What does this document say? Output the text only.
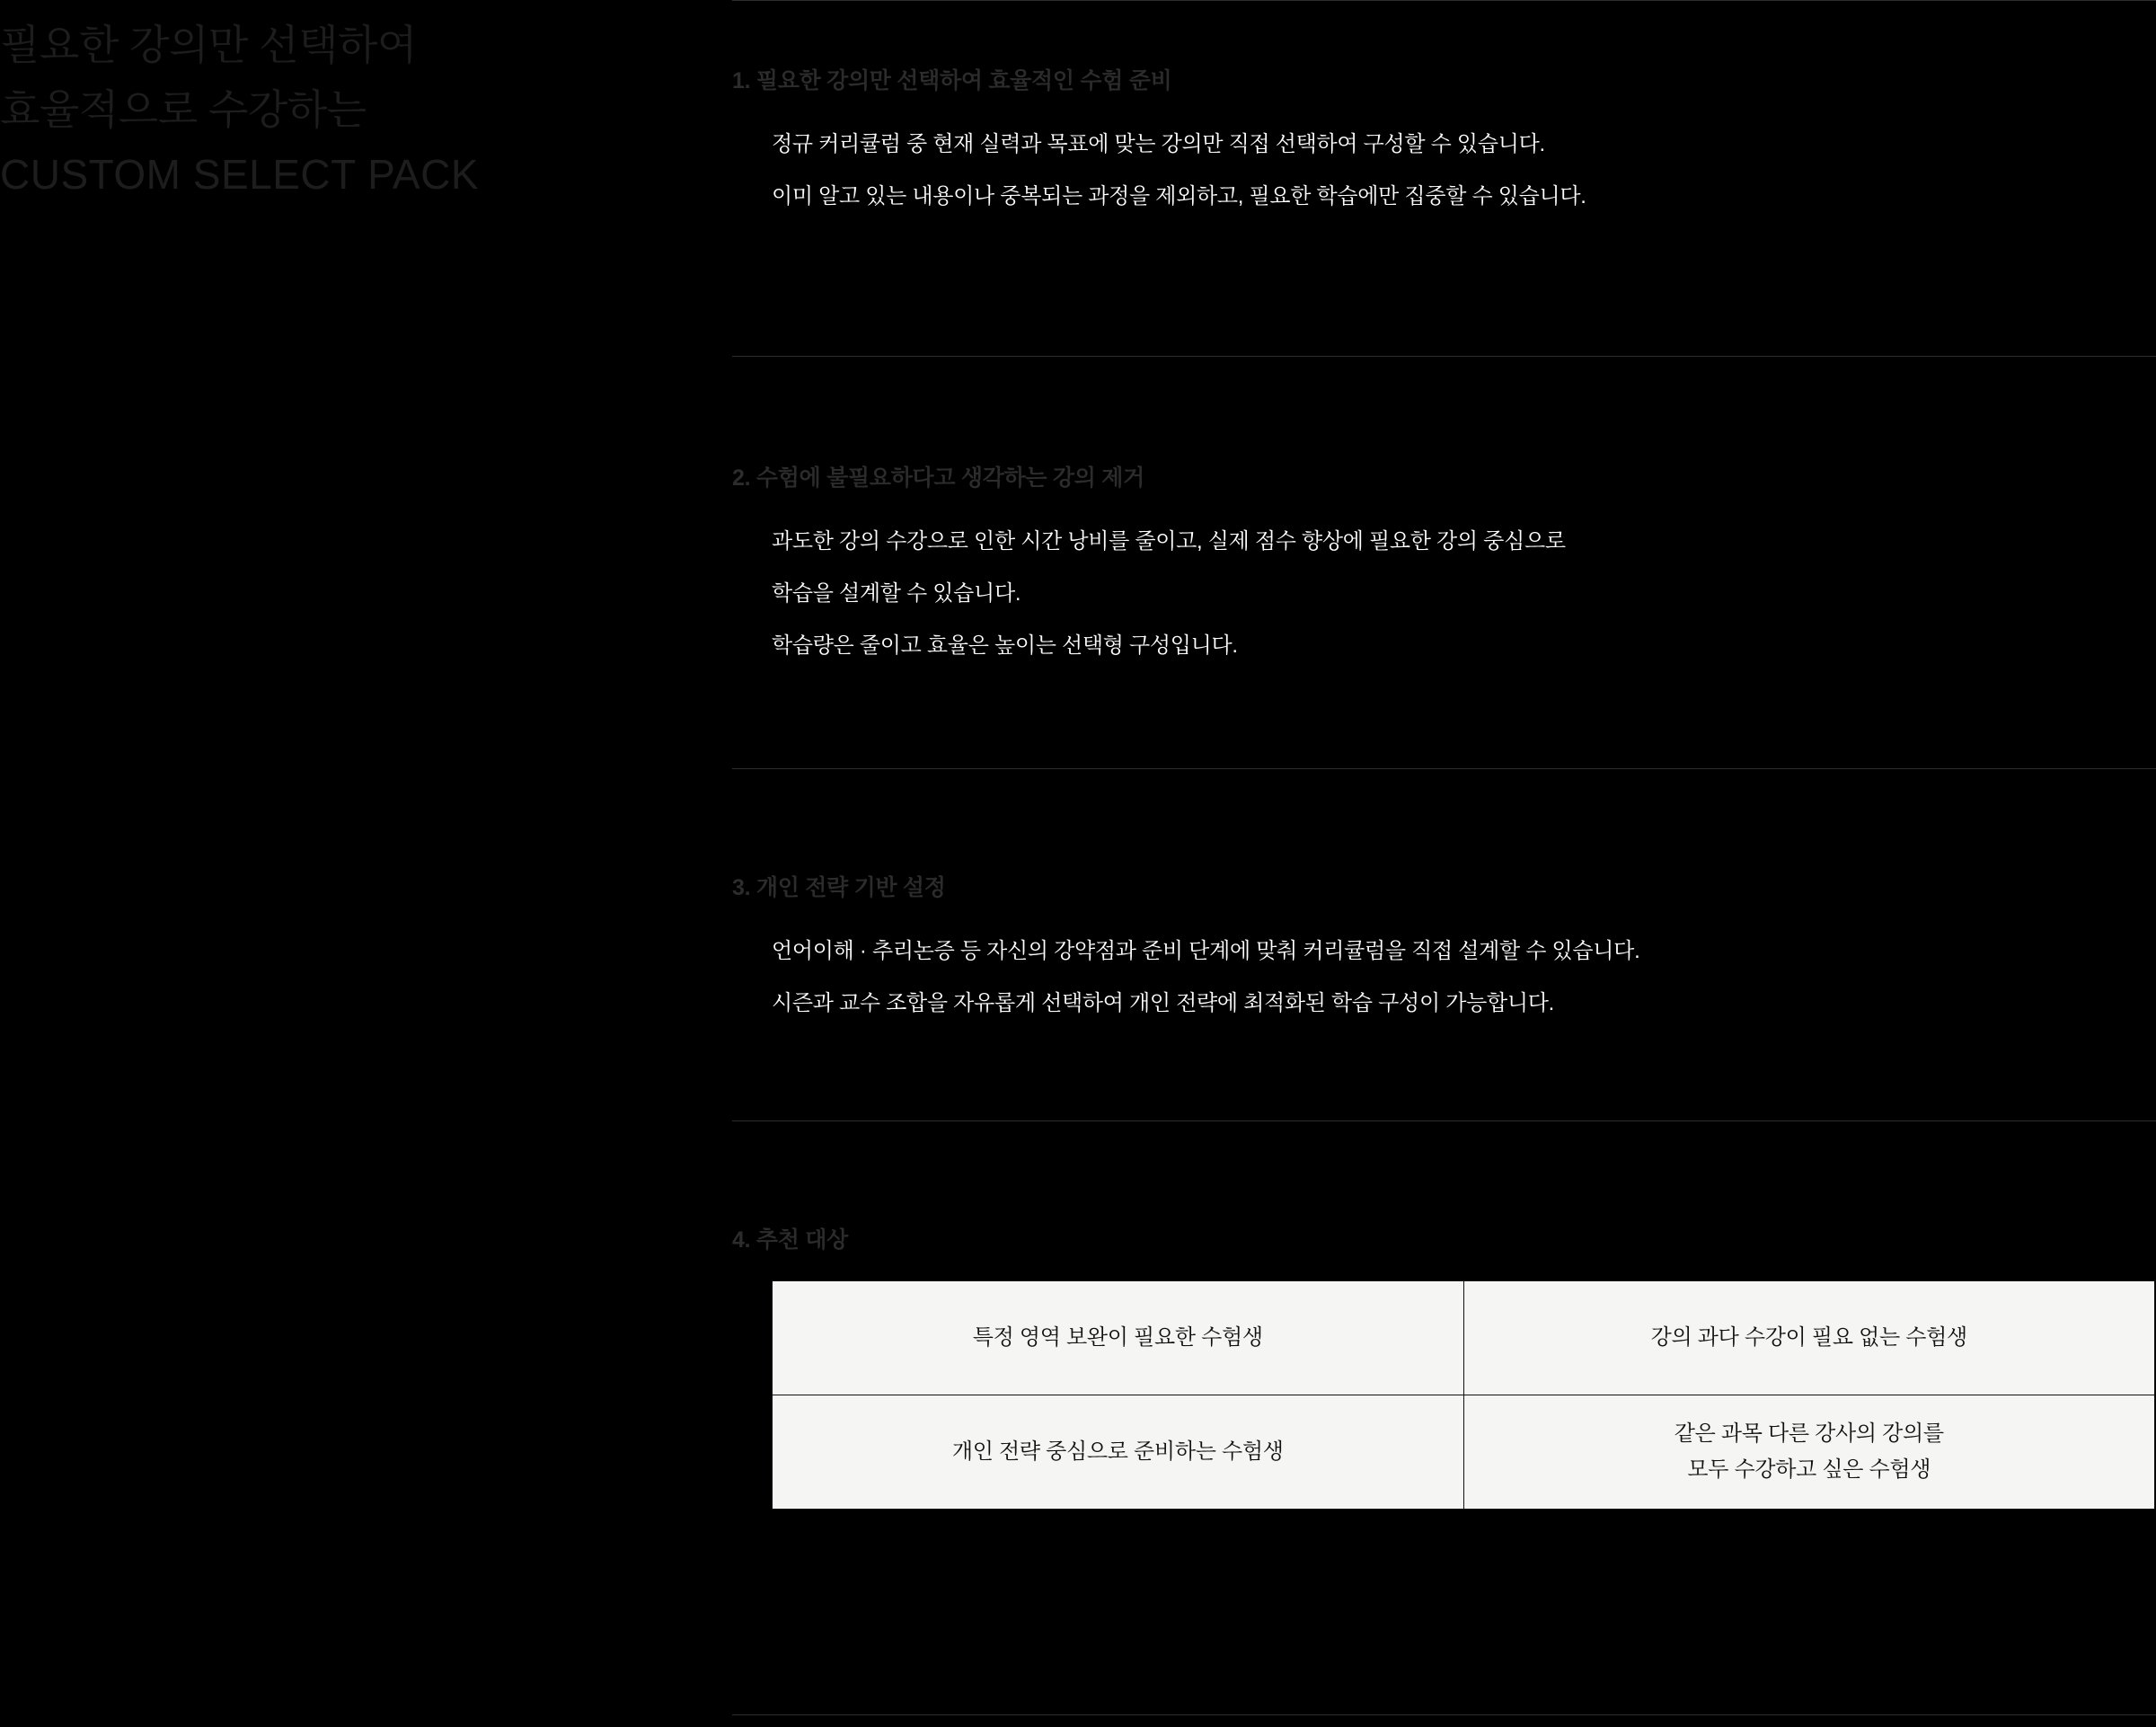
필요한 강의만 선택하여
효율적으로 수강하는
CUSTOM SELECT PACK
1. 필요한 강의만 선택하여 효율적인 수험 준비
정규 커리큘럼 중 현재 실력과 목표에 맞는 강의만 직접 선택하여 구성할 수 있습니다.
이미 알고 있는 내용이나 중복되는 과정을 제외하고, 필요한 학습에만 집중할 수 있습니다.
2. 수험에 불필요하다고 생각하는 강의 제거
과도한 강의 수강으로 인한 시간 낭비를 줄이고, 실제 점수 향상에 필요한 강의 중심으로
학습을 설계할 수 있습니다.
학습량은 줄이고 효율은 높이는 선택형 구성입니다.
3. 개인 전략 기반 설정
언어이해 · 추리논증 등 자신의 강약점과 준비 단계에 맞춰 커리큘럼을 직접 설계할 수 있습니다.
시즌과 교수 조합을 자유롭게 선택하여 개인 전략에 최적화된 학습 구성이 가능합니다.
4. 추천 대상
특정 영역 보완이 필요한 수험생	강의 과다 수강이 필요 없는 수험생

개인 전략 중심으로 준비하는 수험생	같은 과목 다른 강사의 강의를
모두 수강하고 싶은 수험생
